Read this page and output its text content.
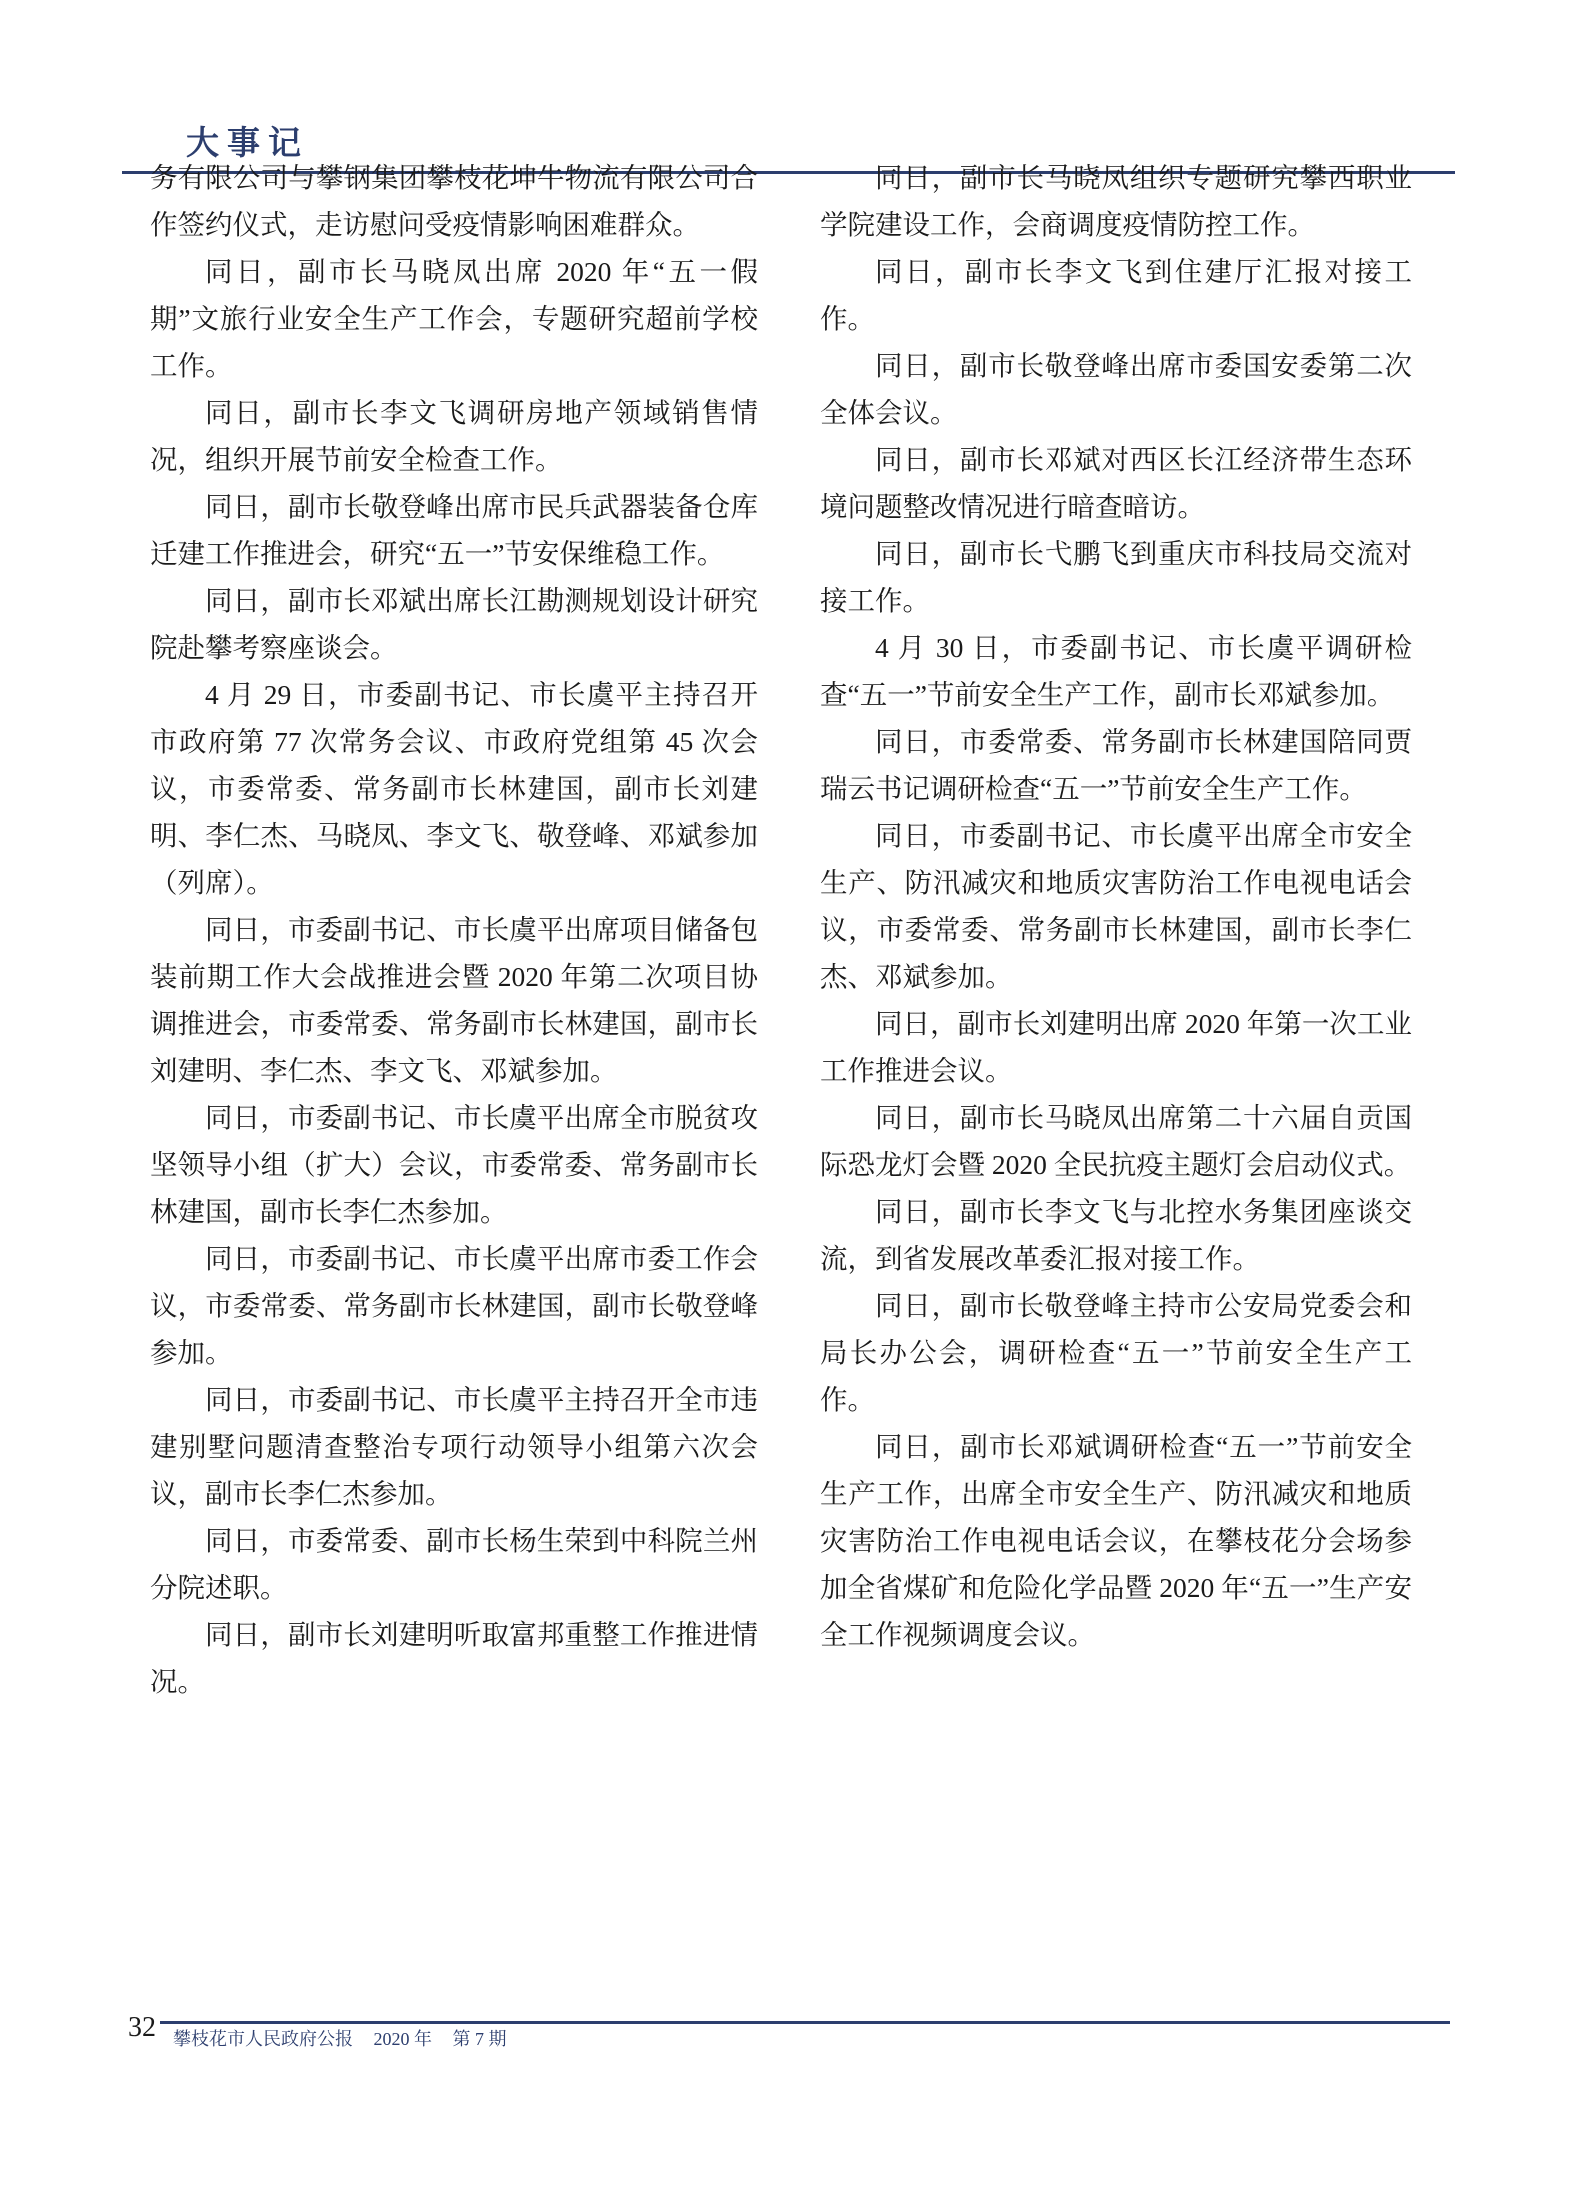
大事记

务有限公司与攀钢集团攀枝花坤牛物流有限公司合作签约仪式，走访慰问受疫情影响困难群众。

同日，副市长马晓凤出席 2020 年“五一假期”文旅行业安全生产工作会，专题研究超前学校工作。

同日，副市长李文飞调研房地产领域销售情况，组织开展节前安全检查工作。

同日，副市长敬登峰出席市民兵武器装备仓库迁建工作推进会，研究“五一”节安保维稳工作。

同日，副市长邓斌出席长江勘测规划设计研究院赴攀考察座谈会。

4 月 29 日，市委副书记、市长虞平主持召开市政府第 77 次常务会议、市政府党组第 45 次会议，市委常委、常务副市长林建国，副市长刘建明、李仁杰、马晓凤、李文飞、敬登峰、邓斌参加（列席）。

同日，市委副书记、市长虞平出席项目储备包装前期工作大会战推进会暨 2020 年第二次项目协调推进会，市委常委、常务副市长林建国，副市长刘建明、李仁杰、李文飞、邓斌参加。

同日，市委副书记、市长虞平出席全市脱贫攻坚领导小组（扩大）会议，市委常委、常务副市长林建国，副市长李仁杰参加。

同日，市委副书记、市长虞平出席市委工作会议，市委常委、常务副市长林建国，副市长敬登峰参加。

同日，市委副书记、市长虞平主持召开全市违建别墅问题清查整治专项行动领导小组第六次会议，副市长李仁杰参加。

同日，市委常委、副市长杨生荣到中科院兰州分院述职。

同日，副市长刘建明听取富邦重整工作推进情况。

同日，副市长马晓凤组织专题研究攀西职业学院建设工作，会商调度疫情防控工作。

同日，副市长李文飞到住建厅汇报对接工作。

同日，副市长敬登峰出席市委国安委第二次全体会议。

同日，副市长邓斌对西区长江经济带生态环境问题整改情况进行暗查暗访。

同日，副市长弋鹏飞到重庆市科技局交流对接工作。

4 月 30 日，市委副书记、市长虞平调研检查“五一”节前安全生产工作，副市长邓斌参加。

同日，市委常委、常务副市长林建国陪同贾瑞云书记调研检查“五一”节前安全生产工作。

同日，市委副书记、市长虞平出席全市安全生产、防汛减灾和地质灾害防治工作电视电话会议，市委常委、常务副市长林建国，副市长李仁杰、邓斌参加。

同日，副市长刘建明出席 2020 年第一次工业工作推进会议。

同日，副市长马晓凤出席第二十六届自贡国际恐龙灯会暨 2020 全民抗疫主题灯会启动仪式。

同日，副市长李文飞与北控水务集团座谈交流，到省发展改革委汇报对接工作。

同日，副市长敬登峰主持市公安局党委会和局长办公会，调研检查“五一”节前安全生产工作。

同日，副市长邓斌调研检查“五一”节前安全生产工作，出席全市安全生产、防汛减灾和地质灾害防治工作电视电话会议，在攀枝花分会场参加全省煤矿和危险化学品暨 2020 年“五一”生产安全工作视频调度会议。

32 攀枝花市人民政府公报 2020 年 第 7 期
